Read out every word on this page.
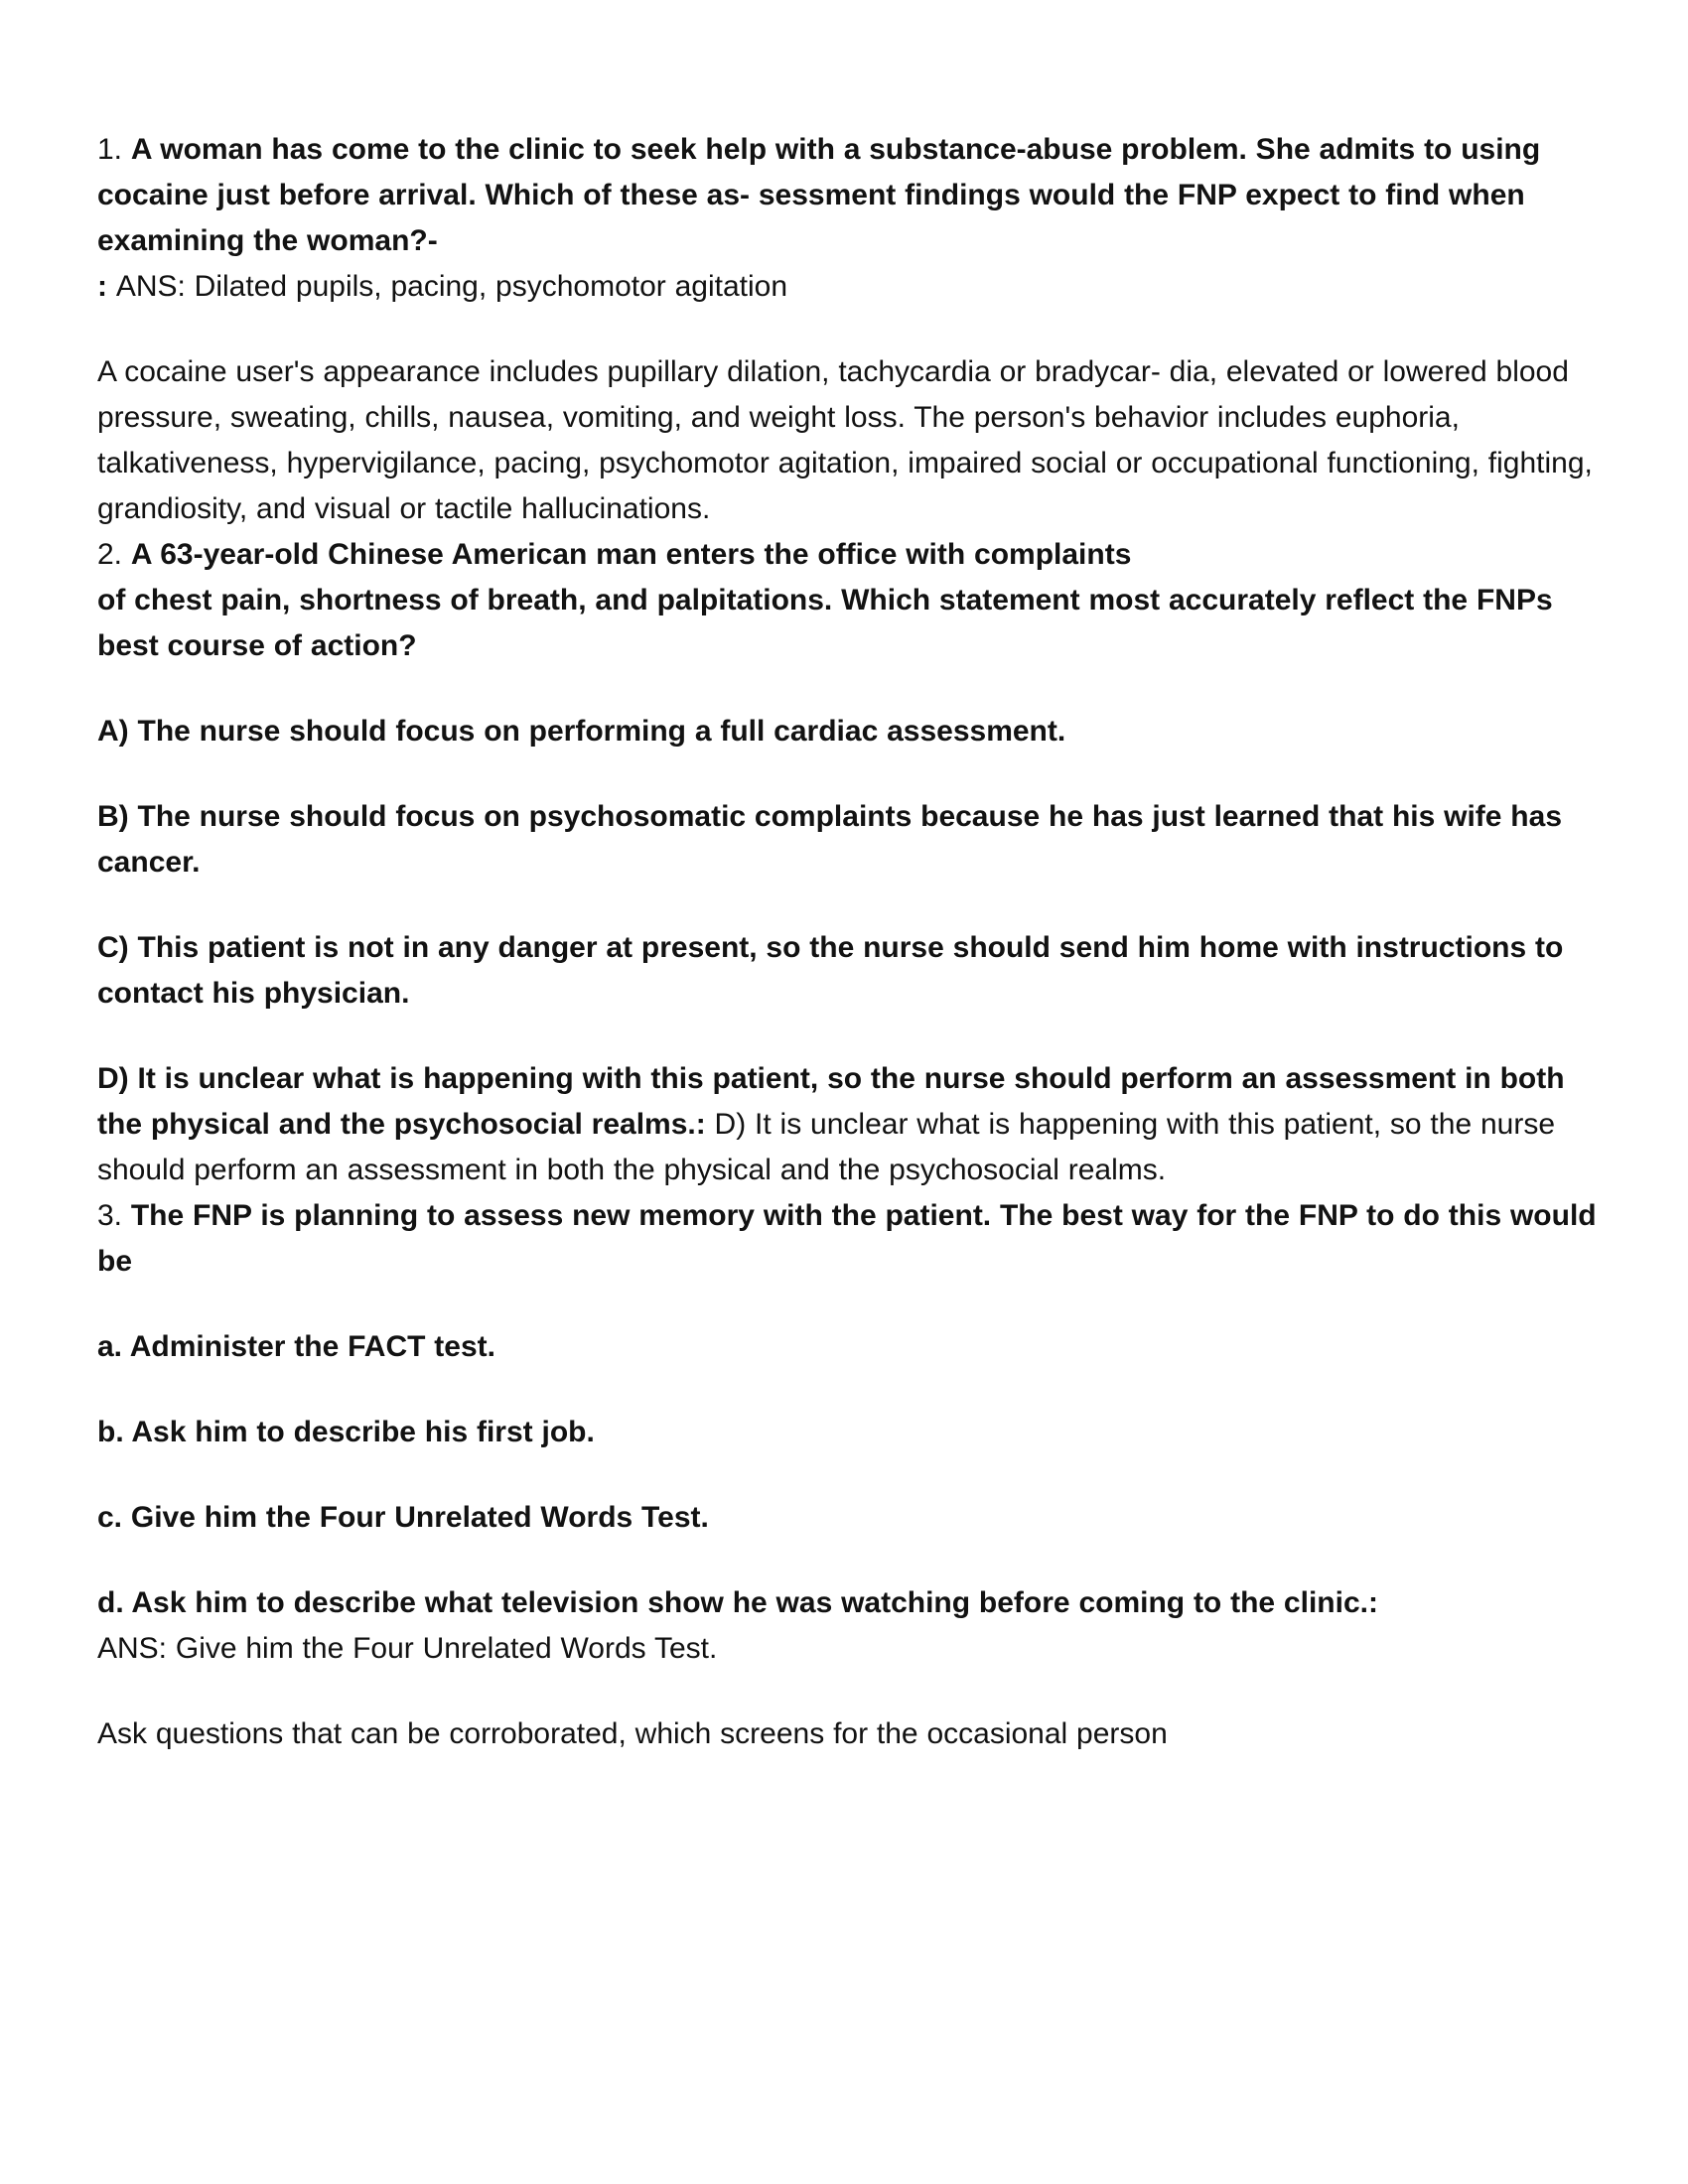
1. A woman has come to the clinic to seek help with a substance-abuse problem. She admits to using cocaine just before arrival. Which of these as- sessment findings would the FNP expect to find when examining the woman?-
: ANS: Dilated pupils, pacing, psychomotor agitation

A cocaine user's appearance includes pupillary dilation, tachycardia or bradycar- dia, elevated or lowered blood pressure, sweating, chills, nausea, vomiting, and weight loss. The person's behavior includes euphoria, talkativeness, hypervigilance, pacing, psychomotor agitation, impaired social or occupational functioning, fighting, grandiosity, and visual or tactile hallucinations.

2. A 63-year-old Chinese American man enters the office with complaints
of chest pain, shortness of breath, and palpitations. Which statement most accurately reflect the FNPs best course of action?

A) The nurse should focus on performing a full cardiac assessment.

B) The nurse should focus on psychosomatic complaints because he has just learned that his wife has cancer.

C) This patient is not in any danger at present, so the nurse should send him home with instructions to contact his physician.

D) It is unclear what is happening with this patient, so the nurse should perform an assessment in both the physical and the psychosocial realms.: D) It is unclear what is happening with this patient, so the nurse should perform an assessment in both the physical and the psychosocial realms.

3. The FNP is planning to assess new memory with the patient. The best way for the FNP to do this would be

a. Administer the FACT test.

b. Ask him to describe his first job.

c. Give him the Four Unrelated Words Test.

d. Ask him to describe what television show he was watching before coming to the clinic.:
ANS: Give him the Four Unrelated Words Test.

Ask questions that can be corroborated, which screens for the occasional person
